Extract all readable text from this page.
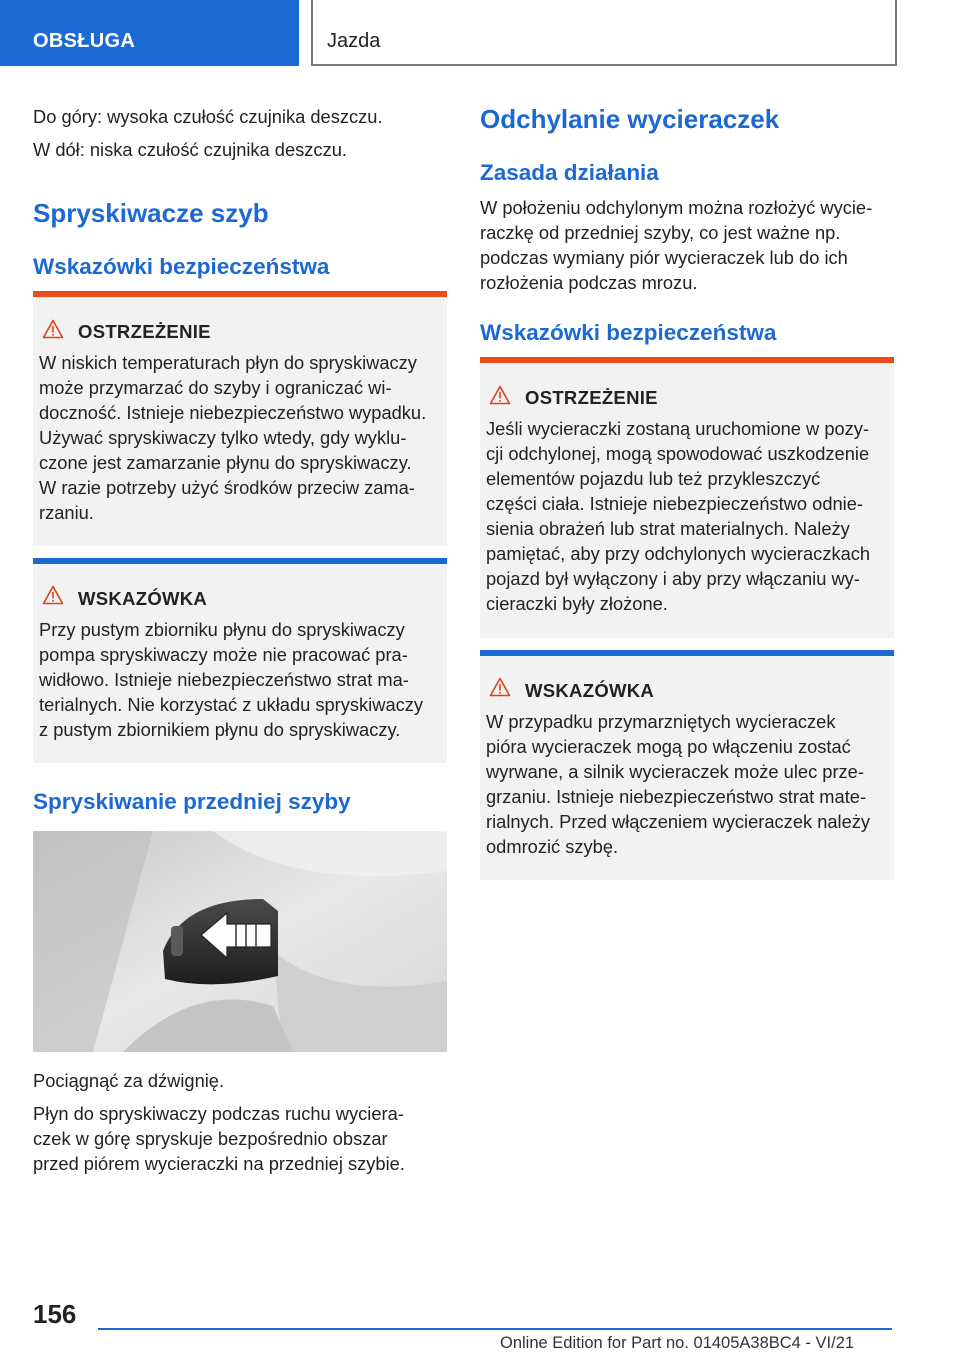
OBSŁUGA	Jazda

Do góry: wysoka czułość czujnika deszczu.

W dół: niska czułość czujnika deszczu.

Spryskiwacze szyb
Wskazówki bezpieczeństwa
OSTRZEŻENIE

W niskich temperaturach płyn do spryskiwaczy

może przymarzać do szyby i ograniczać wi-

doczność. Istnieje niebezpieczeństwo wypadku.

Używać spryskiwaczy tylko wtedy, gdy wyklu-

czone jest zamarzanie płynu do spryskiwaczy.

W razie potrzeby użyć środków przeciw zama-

rzaniu.

WSKAZÓWKA

Przy pustym zbiorniku płynu do spryskiwaczy

pompa spryskiwaczy może nie pracować pra-

widłowo. Istnieje niebezpieczeństwo strat ma-

terialnych. Nie korzystać z układu spryskiwaczy

z pustym zbiornikiem płynu do spryskiwaczy.

Spryskiwanie przedniej szyby

Pociągnąć za dźwignię.

Płyn do spryskiwaczy podczas ruchu wyciera-

czek w górę spryskuje bezpośrednio obszar

przed piórem wycieraczki na przedniej szybie.

Odchylanie wycieraczek
Zasada działania

W położeniu odchylonym można rozłożyć wycie-

raczkę od przedniej szyby, co jest ważne np.

podczas wymiany piór wycieraczek lub do ich

rozłożenia podczas mrozu.

Wskazówki bezpieczeństwa
OSTRZEŻENIE

Jeśli wycieraczki zostaną uruchomione w pozy-

cji odchylonej, mogą spowodować uszkodzenie

elementów pojazdu lub też przykleszczyć

części ciała. Istnieje niebezpieczeństwo odnie-

sienia obrażeń lub strat materialnych. Należy

pamiętać, aby przy odchylonych wycieraczkach

pojazd był wyłączony i aby przy włączaniu wy-

cieraczki były złożone.

WSKAZÓWKA

W przypadku przymarzniętych wycieraczek

pióra wycieraczek mogą po włączeniu zostać

wyrwane, a silnik wycieraczek może ulec prze-

grzaniu. Istnieje niebezpieczeństwo strat mate-

rialnych. Przed włączeniem wycieraczek należy

odmrozić szybę.

156
Online Edition for Part no. 01405A38BC4 - VI/21
